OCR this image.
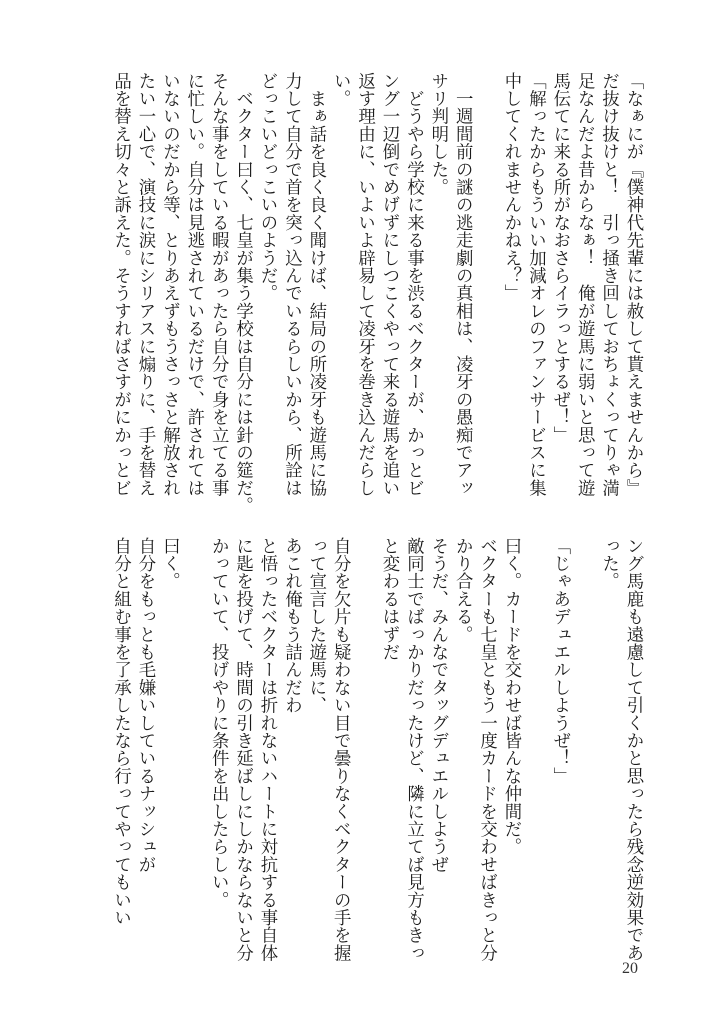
「なぁにが『僕神代先輩には赦して貰えませんから』
だ抜け抜けと！　引っ掻き回しておちょくってりゃ満
足なんだよ昔からなぁ！　俺が遊馬に弱いと思って遊
馬伝てに来る所がなおさらイラっとするぜ！」
「解ったからもういい加減オレのファンサービスに集
中してくれませんかねえ？」
　一週間前の謎の逃走劇の真相は、凌牙の愚痴でアッ
サリ判明した。
　どうやら学校に来る事を渋るベクターが、かっとビ
ング一辺倒でめげずにしつこくやって来る遊馬を追い
返す理由に、いよいよ辟易して凌牙を巻き込んだらし
い。
　まぁ話を良く良く聞けば、結局の所凌牙も遊馬に協
力して自分で首を突っ込んでいるらしいから、所詮は
どっこいどっこいのようだ。
　ベクター曰く、七皇が集う学校は自分には針の筵だ。
そんな事をしている暇があったら自分で身を立てる事
に忙しい。自分は見逃されているだけで、許されては
いないのだから等、とりあえずもうさっさと解放され
たい一心で、演技に涙にシリアスに煽りに、手を替え
品を替え切々と訴えた。そうすればさすがにかっとビ
ング馬鹿も遠慮して引くかと思ったら残念逆効果であ
った。
「じゃあデュエルしようぜ！」
曰く。カードを交わせば皆んな仲間だ。
ベクターも七皇ともう一度カードを交わせばきっと分
かり合える。
そうだ、みんなでタッグデュエルしようぜ
敵同士でばっかりだったけど、隣に立てば見方もきっ
と変わるはずだ
自分を欠片も疑わない目で曇りなくベクターの手を握
って宣言した遊馬に、
あこれ俺もう詰んだわ
と悟ったベクターは折れないハートに対抗する事自体
に匙を投げて、時間の引き延ばしにしかならないと分
かっていて、投げやりに条件を出したらしい。
曰く。
自分をもっとも毛嫌いしているナッシュが
自分と組む事を了承したなら行ってやってもいい
20
